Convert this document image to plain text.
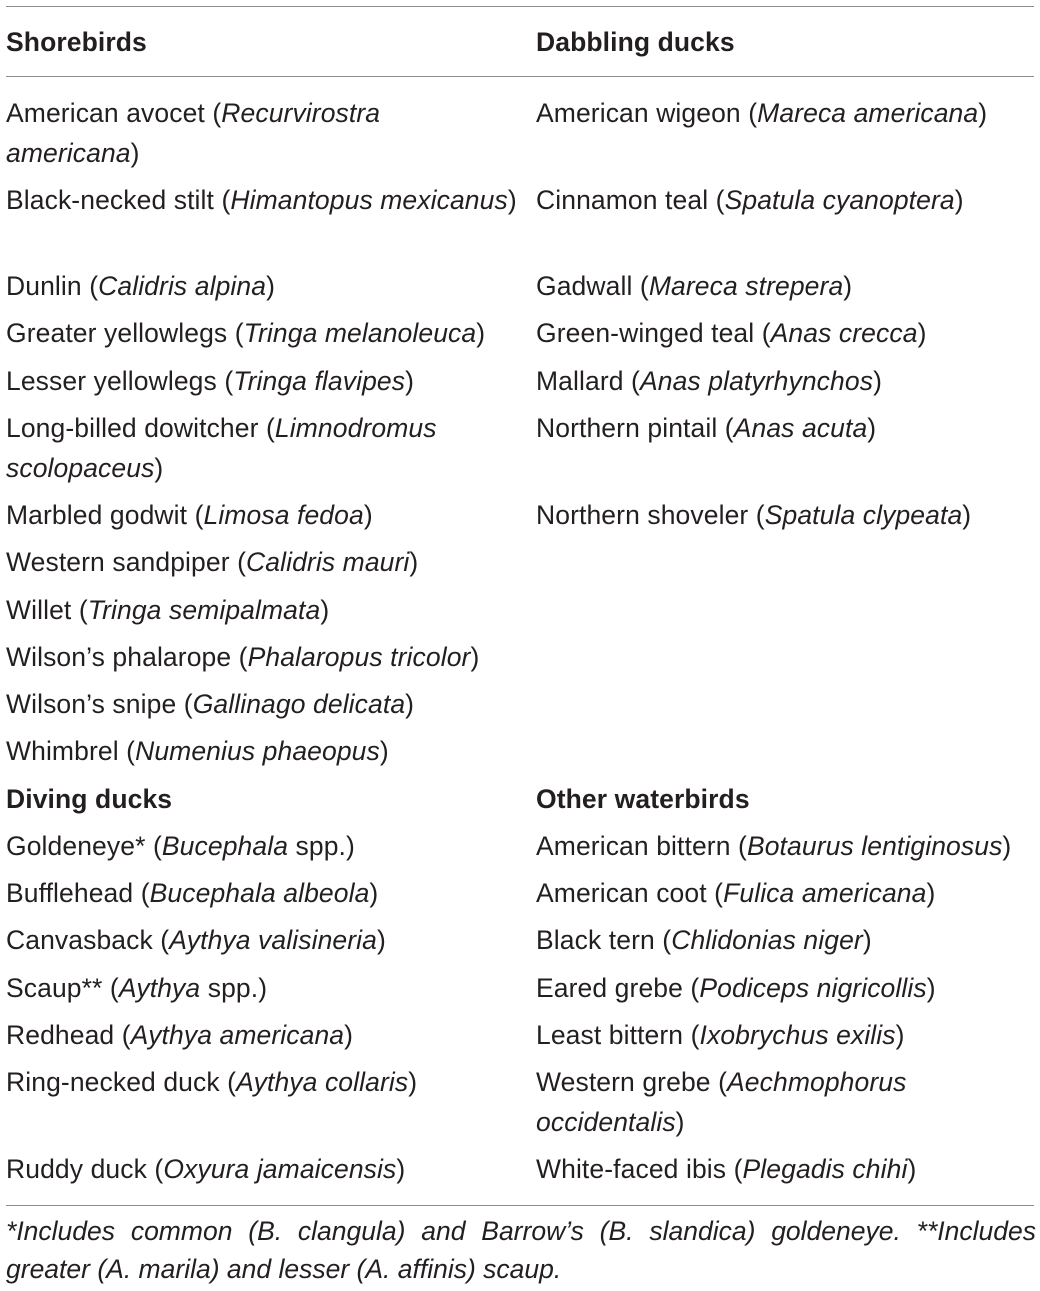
Shorebirds	Dabbling ducks
Diving ducks	Other waterbirds
American avocet (Recurvirostra americana)
Black-necked stilt (Himantopus mexicanus)
Dunlin (Calidris alpina)
Greater yellowlegs (Tringa melanoleuca)
Lesser yellowlegs (Tringa flavipes)
Long-billed dowitcher (Limnodromus scolopaceus)
Marbled godwit (Limosa fedoa)
Western sandpiper (Calidris mauri)
Willet (Tringa semipalmata)
Wilson’s phalarope (Phalaropus tricolor)
Wilson’s snipe (Gallinago delicata)
Whimbrel (Numenius phaeopus)
American wigeon (Mareca americana)
Cinnamon teal (Spatula cyanoptera)
Gadwall (Mareca strepera)
Green-winged teal (Anas crecca)
Mallard (Anas platyrhynchos)
Northern pintail (Anas acuta)
Northern shoveler (Spatula clypeata)
Goldeneye* (Bucephala spp.)
Bufflehead (Bucephala albeola)
Canvasback (Aythya valisineria)
Scaup** (Aythya spp.)
Redhead (Aythya americana)
Ring-necked duck (Aythya collaris)
Ruddy duck (Oxyura jamaicensis)
American bittern (Botaurus lentiginosus)
American coot (Fulica americana)
Black tern (Chlidonias niger)
Eared grebe (Podiceps nigricollis)
Least bittern (Ixobrychus exilis)
Western grebe (Aechmophorus occidentalis)
White-faced ibis (Plegadis chihi)
*Includes common (B. clangula) and Barrow’s (B. slandica) goldeneye. **Includes greater (A. marila) and lesser (A. affinis) scaup.
